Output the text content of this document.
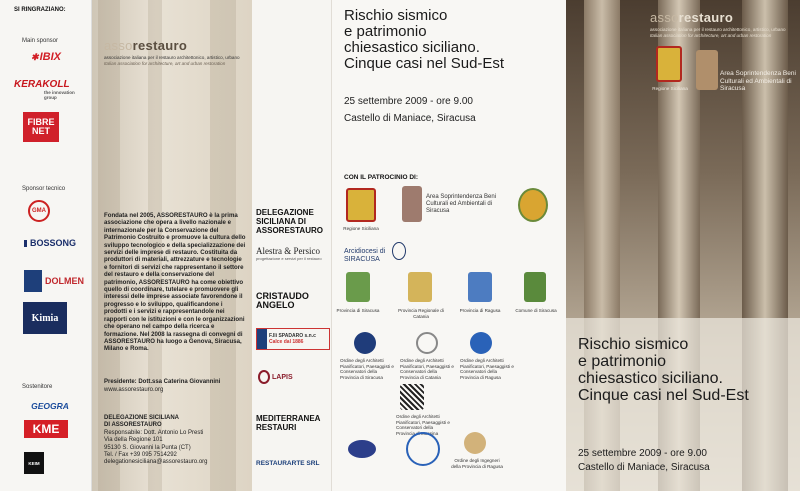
SI RINGRAZIANO:
Main sponsor
✱ IBIX
KERAKOLL
the innovation group
FIBRE NET
Sponsor tecnico
GMA
BOSSONG
DOLMEN
Kimia
Sostenitore
GEOGRA
KME
KEIM
assorestauro
associazione italiana per il restauro architettonico, artistico, urbano
Italian association for architecture, art and urban restoration
Fondata nel 2005, ASSORESTAURO è la prima associazione che opera a livello nazionale e internazionale per la Conservazione del Patrimonio Costruito e promuove la cultura dello sviluppo tecnologico e della specializzazione dei servizi delle imprese di restauro. Costituita da produttori di materiali, attrezzature e tecnologie e fornitori di servizi che rappresentano il settore del restauro e della conservazione del patrimonio, ASSORESTAURO ha come obiettivo quello di coordinare, tutelare e promuovere gli interessi delle imprese associate favorendone il progresso e lo sviluppo, qualificandone i prodotti e i servizi e rappresentandole nei rapporti con le istituzioni e con le organizzazioni che operano nel campo della ricerca e formazione. Nel 2008 la rassegna di convegni di ASSORESTAURO ha luogo a Genova, Siracusa, Milano e Roma.
Presidente: Dott.ssa Caterina Giovannini
www.assorestauro.org
DELEGAZIONE SICILIANA
DI ASSORESTAURO
Responsabile: Dott. Antonio Lo Presti
Via della Regione 101
95130 S. Giovanni la Punta (CT)
Tel. / Fax +39 095 7514292
delegationesiciliana@assorestauro.org
DELEGAZIONE
SICILIANA DI
ASSORESTAURO
Alestra & Persico
progettazione e servizi per il restauro
CRISTAUDO ANGELO
F.lli SPADARO s.n.c
Calce dal 1886
LAPIS
MEDITERRANEA RESTAURI
RESTAURARTE SRL
Rischio sismico
e patrimonio
chiesastico siciliano.
Cinque casi nel Sud-Est
25 settembre 2009 - ore 9.00
Castello di Maniace, Siracusa
CON IL PATROCINIO DI:
Regione Siciliana
Area Soprintendenza Beni Culturali ed Ambientali di Siracusa
Arcidiocesi di SIRACUSA
Provincia di Siracusa	Provincia Regionale di Catania
Provincia di Ragusa	Comune di Siracusa
Ordine degli Architetti Pianificatori, Paesaggisti e Conservatori della Provincia di Siracusa
Ordine degli Architetti Pianificatori, Paesaggisti e Conservatori della Provincia di Catania
Ordine degli Architetti Pianificatori, Paesaggisti e Conservatori della Provincia di Ragusa
Ordine degli Architetti Pianificatori, Paesaggisti e Conservatori della Provincia di Messina
Ordine degli Ingegneri della Provincia di Ragusa
assorestauro
associazione italiana per il restauro architettonico, artistico, urbano
Italian association for architecture, art and urban restoration
Regione Siciliana
Area Soprintendenza Beni Culturali ed Ambientali di Siracusa
Rischio sismico
e patrimonio
chiesastico siciliano.
Cinque casi nel Sud-Est
25 settembre 2009 - ore 9.00
Castello di Maniace, Siracusa
